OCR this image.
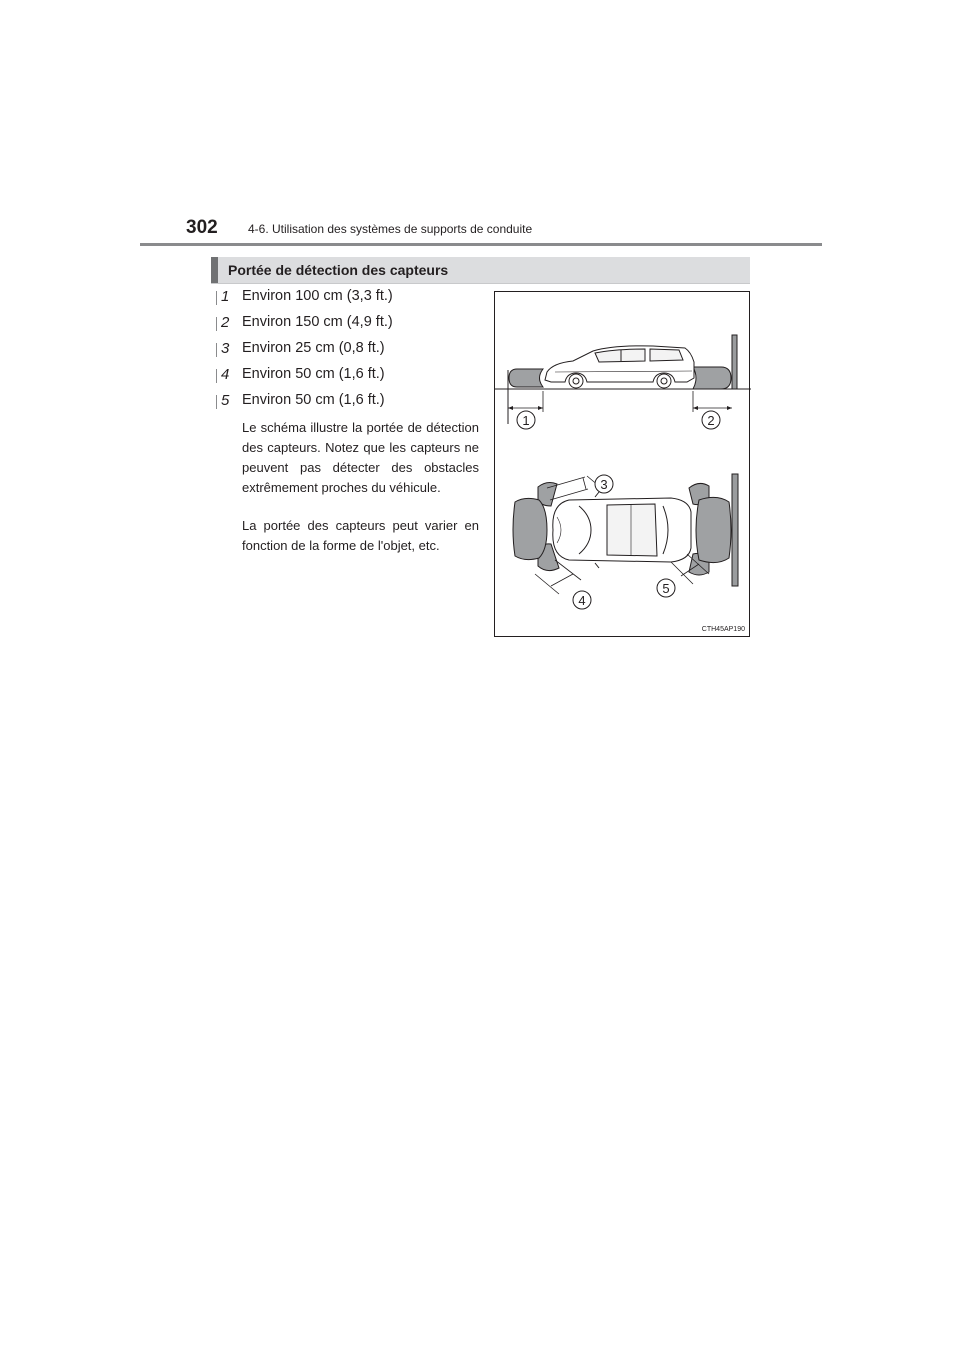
302	4-6. Utilisation des systèmes de supports de conduite
Portée de détection des capteurs
1 Environ 100 cm (3,3 ft.)
2 Environ 150 cm (4,9 ft.)
3 Environ 25 cm (0,8 ft.)
4 Environ 50 cm (1,6 ft.)
5 Environ 50 cm (1,6 ft.)
Le schéma illustre la portée de détection des capteurs. Notez que les capteurs ne peuvent pas détecter des obstacles extrêmement proches du véhicule.
La portée des capteurs peut varier en fonction de la forme de l'objet, etc.
1	2
3
4
5
CTH45AP190
